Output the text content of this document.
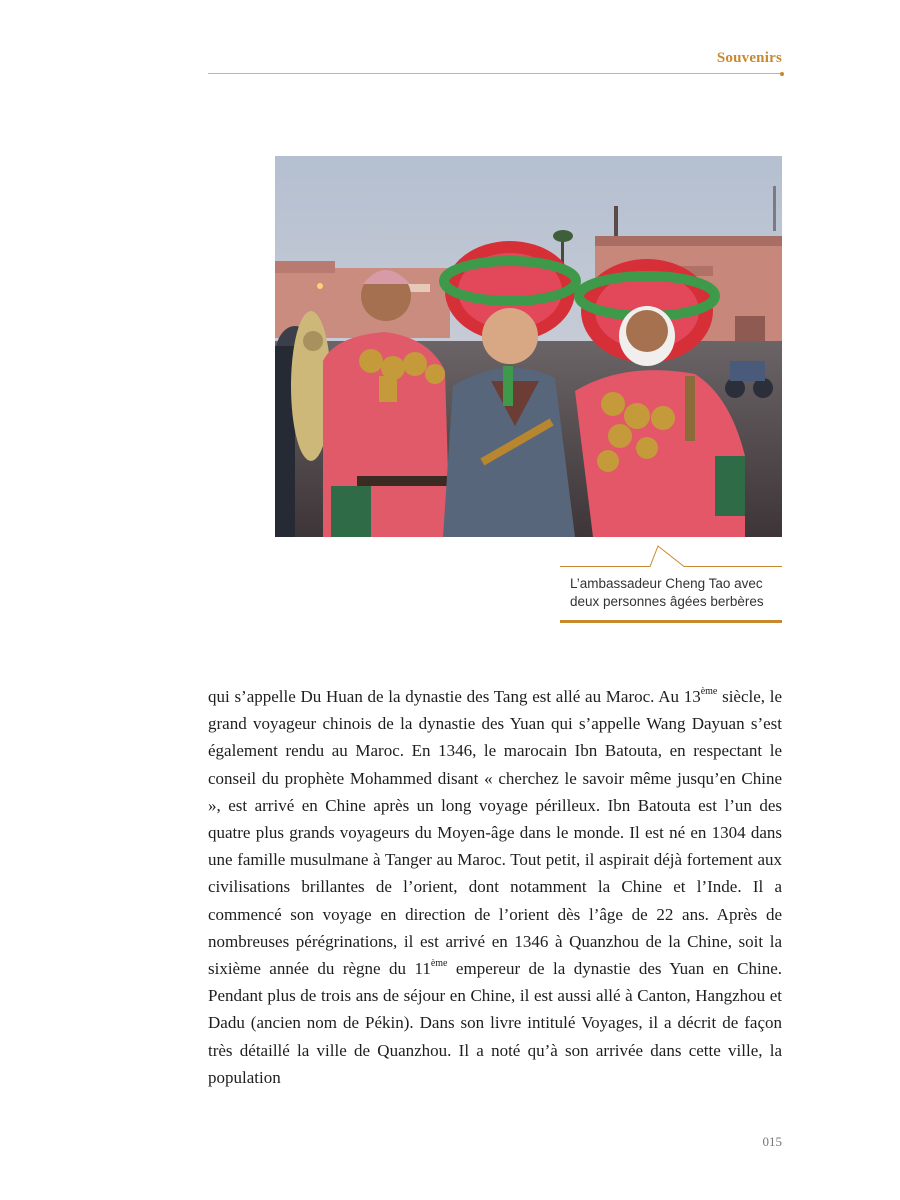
Souvenirs
L’ambassadeur Cheng Tao avec
deux personnes âgées berbères

qui s’appelle Du Huan de la dynastie des Tang est allé au Maroc. Au 13ème siècle, le grand voyageur chinois de la dynastie des Yuan qui s’appelle Wang Dayuan s’est également rendu au Maroc. En 1346, le marocain Ibn Batouta, en respectant le conseil du prophète Mohammed disant « cherchez le savoir même jusqu’en Chine », est arrivé en Chine après un long voyage périlleux. Ibn Batouta est l’un des quatre plus grands voyageurs du Moyen-âge dans le monde. Il est né en 1304 dans une famille musulmane à Tanger au Maroc. Tout petit, il aspirait déjà fortement aux civilisations brillantes de l’orient, dont notamment la Chine et l’Inde. Il a commencé son voyage en direction de l’orient dès l’âge de 22 ans. Après de nombreuses pérégrinations, il est arrivé en 1346 à Quanzhou de la Chine, soit la sixième année du règne du 11ème empereur de la dynastie des Yuan en Chine. Pendant plus de trois ans de séjour en Chine, il est aussi allé à Canton, Hangzhou et Dadu (ancien nom de Pékin). Dans son livre intitulé Voyages, il a décrit de façon très détaillé la ville de Quanzhou. Il a noté qu’à son arrivée dans cette ville, la population

015
